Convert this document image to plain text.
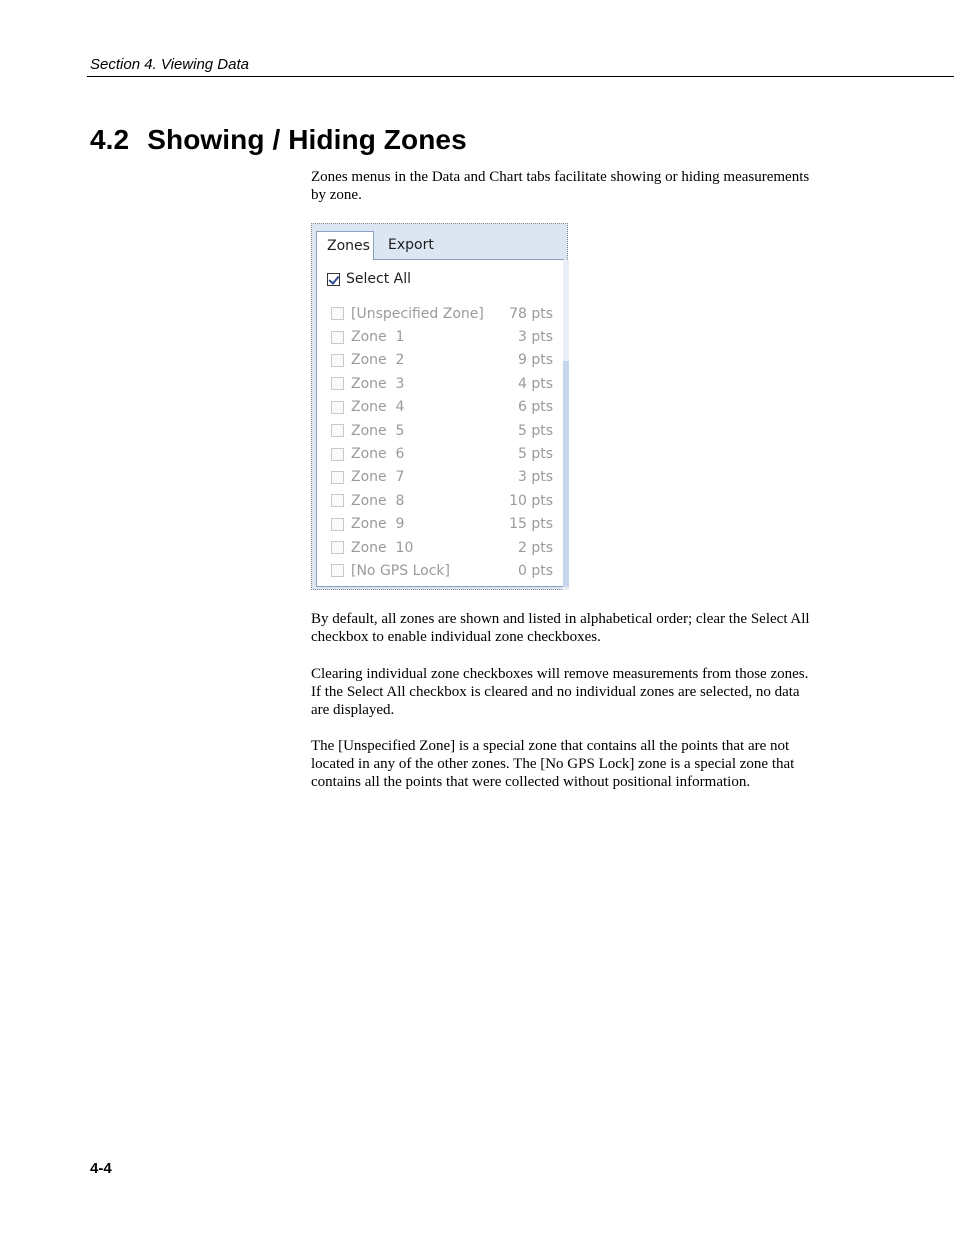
Section 4. Viewing Data
4.2 Showing / Hiding Zones

Zones menus in the Data and Chart tabs facilitate showing or hiding measurements by zone.

Zones	Export
Select All
[Unspecified Zone]	78 pts
Zone  1	3 pts
Zone  2	9 pts
Zone  3	4 pts
Zone  4	6 pts
Zone  5	5 pts
Zone  6	5 pts
Zone  7	3 pts
Zone  8	10 pts
Zone  9	15 pts
Zone  10	2 pts
[No GPS Lock]	0 pts

By default, all zones are shown and listed in alphabetical order; clear the Select All checkbox to enable individual zone checkboxes.

Clearing individual zone checkboxes will remove measurements from those zones. If the Select All checkbox is cleared and no individual zones are selected, no data are displayed.

The [Unspecified Zone] is a special zone that contains all the points that are not located in any of the other zones. The [No GPS Lock] zone is a special zone that contains all the points that were collected without positional information.

4-4
